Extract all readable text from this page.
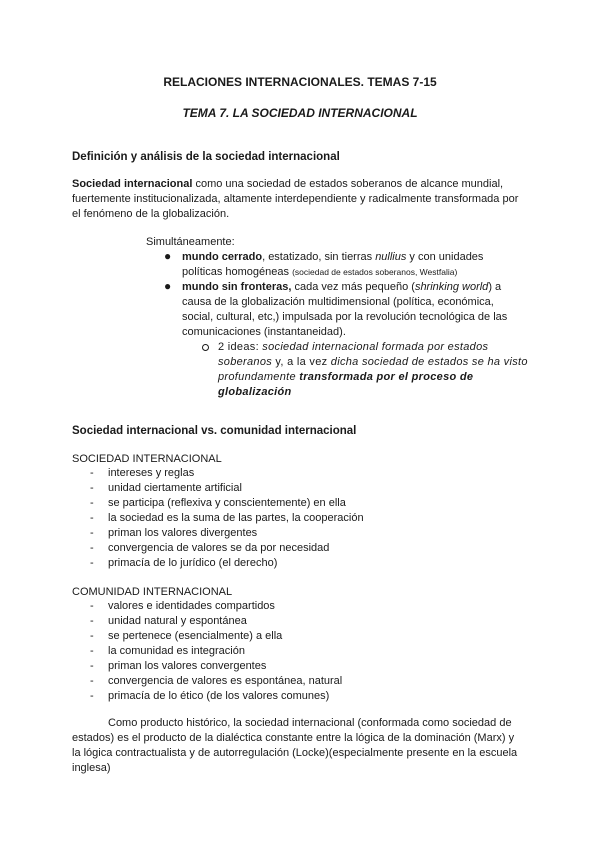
RELACIONES INTERNACIONALES. TEMAS 7-15
TEMA 7. LA SOCIEDAD INTERNACIONAL
Definición y análisis de la sociedad internacional
Sociedad internacional como una sociedad de estados soberanos de alcance mundial,
fuertemente institucionalizada, altamente interdependiente y radicalmente transformada por
el fenómeno de la globalización.
Simultáneamente:
● mundo cerrado, estatizado, sin tierras nullius y con unidades
políticas homogéneas (sociedad de estados soberanos, Westfalia)
● mundo sin fronteras, cada vez más pequeño (shrinking world) a
causa de la globalización multidimensional (política, económica,
social, cultural, etc,) impulsada por la revolución tecnológica de las
comunicaciones (instantaneidad).
2 ideas: sociedad internacional formada por estados
soberanos y, a la vez dicha sociedad de estados se ha visto
profundamente transformada por el proceso de
globalización
Sociedad internacional vs. comunidad internacional
SOCIEDAD INTERNACIONAL
- intereses y reglas
- unidad ciertamente artificial
- se participa (reflexiva y conscientemente) en ella
- la sociedad es la suma de las partes, la cooperación
- priman los valores divergentes
- convergencia de valores se da por necesidad
- primacía de lo jurídico (el derecho)
COMUNIDAD INTERNACIONAL
- valores e identidades compartidos
- unidad natural y espontánea
- se pertenece (esencialmente) a ella
- la comunidad es integración
- priman los valores convergentes
- convergencia de valores es espontánea, natural
- primacía de lo ético (de los valores comunes)
Como producto histórico, la sociedad internacional (conformada como sociedad de
estados) es el producto de la dialéctica constante entre la lógica de la dominación (Marx) y
la lógica contractualista y de autorregulación (Locke)(especialmente presente en la escuela
inglesa)
